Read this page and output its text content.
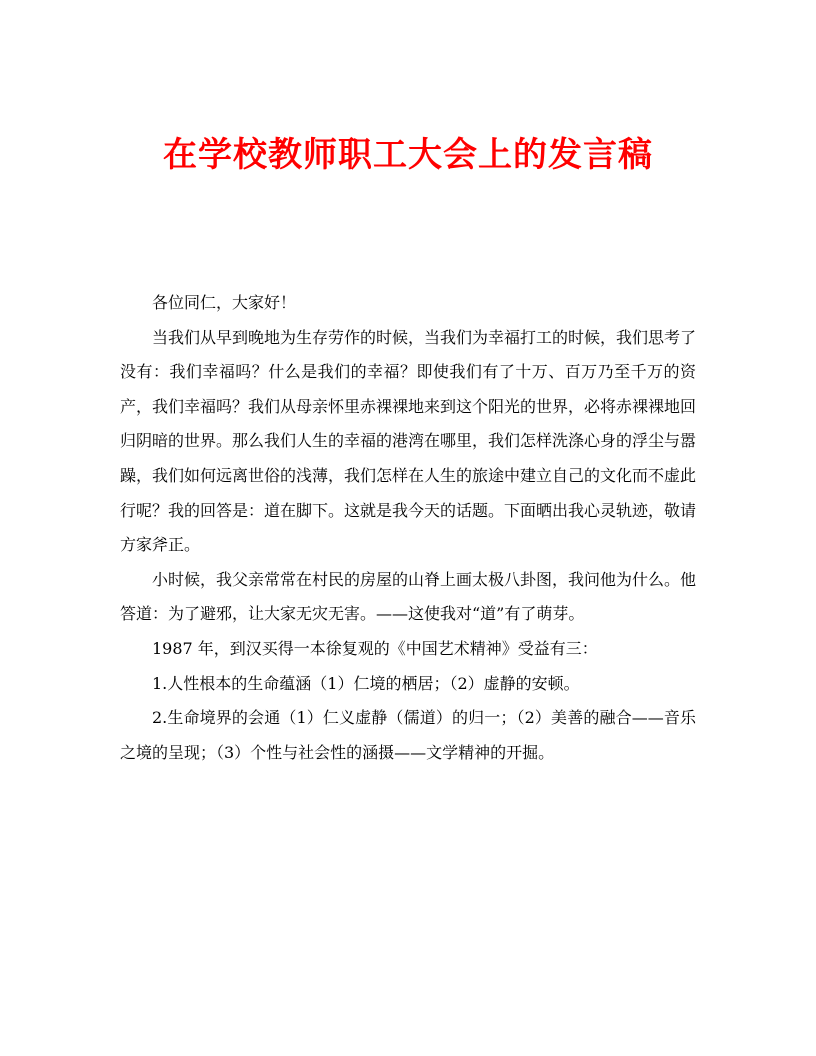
在学校教师职工大会上的发言稿

各位同仁，大家好！

当我们从早到晚地为生存劳作的时候，当我们为幸福打工的时候，我们思考了没有：我们幸福吗？什么是我们的幸福？即使我们有了十万、百万乃至千万的资产，我们幸福吗？我们从母亲怀里赤裸裸地来到这个阳光的世界，必将赤裸裸地回归阴暗的世界。那么我们人生的幸福的港湾在哪里，我们怎样洗涤心身的浮尘与嚣躁，我们如何远离世俗的浅薄，我们怎样在人生的旅途中建立自己的文化而不虚此行呢？我的回答是：道在脚下。这就是我今天的话题。下面晒出我心灵轨迹，敬请方家斧正。

小时候，我父亲常常在村民的房屋的山脊上画太极八卦图，我问他为什么。他答道：为了避邪，让大家无灾无害。——这使我对“道”有了萌芽。

1987 年，到汉买得一本徐复观的《中国艺术精神》受益有三：

1.人性根本的生命蕴涵（1）仁境的栖居；（2）虚静的安顿。

2.生命境界的会通（1）仁义虚静（儒道）的归一；（2）美善的融合——音乐之境的呈现；（3）个性与社会性的涵摄——文学精神的开掘。
